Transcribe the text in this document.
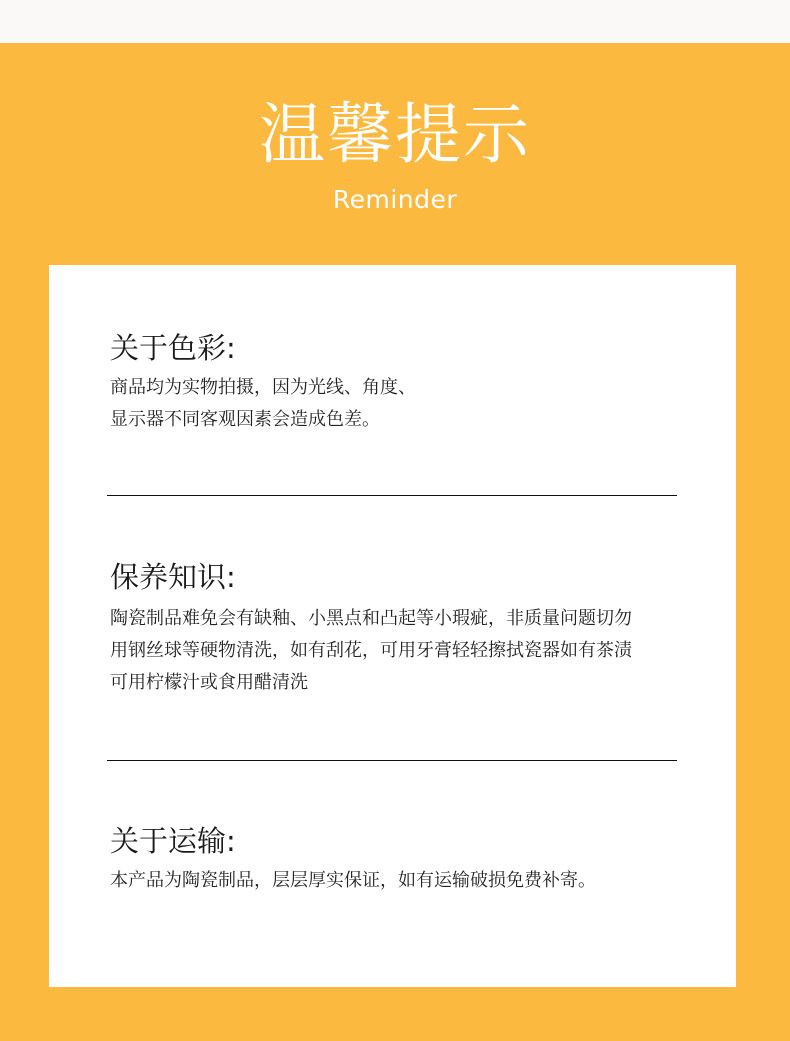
温馨提示
Reminder
关于色彩:

商品均为实物拍摄，因为光线、角度、

显示器不同客观因素会造成色差。

保养知识:

陶瓷制品难免会有缺釉、小黑点和凸起等小瑕疵，非质量问题切勿

用钢丝球等硬物清洗，如有刮花，可用牙膏轻轻擦拭瓷器如有茶渍

可用柠檬汁或食用醋清洗

关于运输:

本产品为陶瓷制品，层层厚实保证，如有运输破损免费补寄。
